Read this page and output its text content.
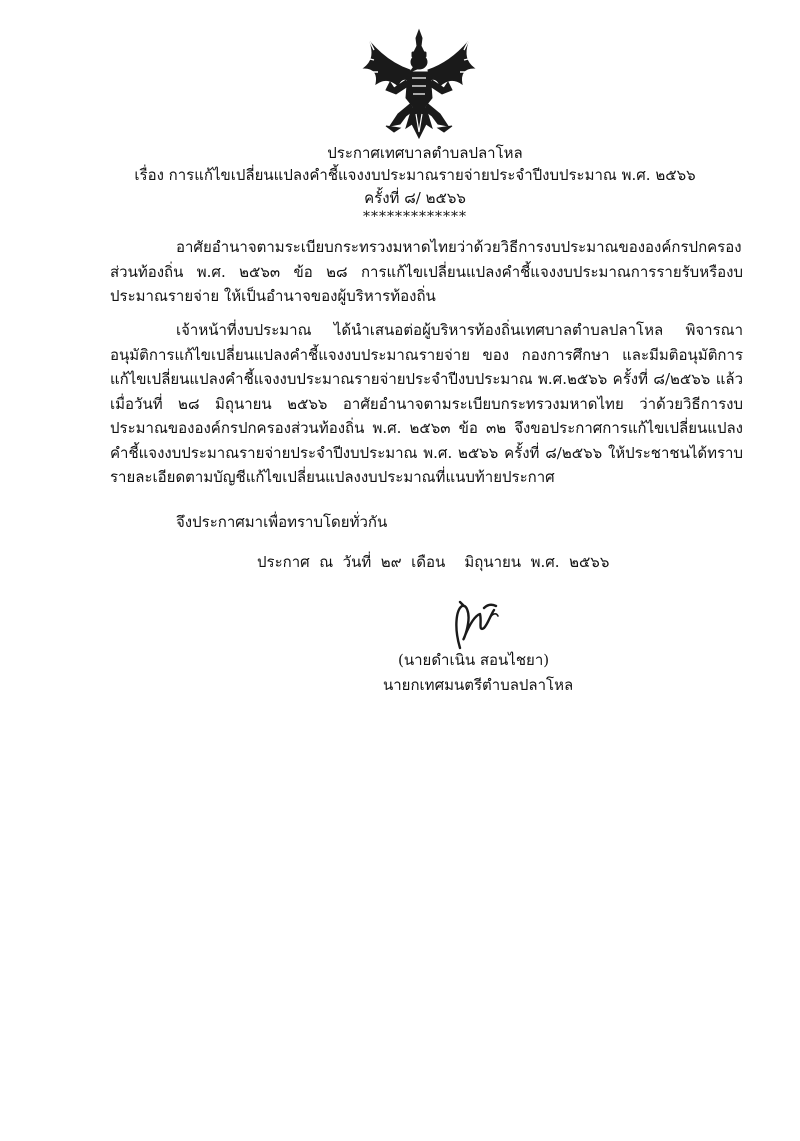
ประกาศเทศบาลตำบลปลาโหล
เรื่อง การแก้ไขเปลี่ยนแปลงคำชี้แจงงบประมาณรายจ่ายประจำปีงบประมาณ พ.ศ. ๒๕๖๖
ครั้งที่ ๘/ ๒๕๖๖
*************

อาศัยอำนาจตามระเบียบกระทรวงมหาดไทยว่าด้วยวิธีการงบประมาณขององค์กรปกครองส่วนท้องถิ่น พ.ศ. ๒๕๖๓ ข้อ ๒๘ การแก้ไขเปลี่ยนแปลงคำชี้แจงงบประมาณการรายรับหรืองบประมาณรายจ่าย ให้เป็นอำนาจของผู้บริหารท้องถิ่น

เจ้าหน้าที่งบประมาณ ได้นำเสนอต่อผู้บริหารท้องถิ่นเทศบาลตำบลปลาโหล พิจารณาอนุมัติการแก้ไขเปลี่ยนแปลงคำชี้แจงงบประมาณรายจ่าย ของ กองการศึกษา และมีมติอนุมัติการแก้ไขเปลี่ยนแปลงคำชี้แจงงบประมาณรายจ่ายประจำปีงบประมาณ พ.ศ.๒๕๖๖ ครั้งที่ ๘/๒๕๖๖ แล้ว เมื่อวันที่ ๒๘ มิถุนายน ๒๕๖๖ อาศัยอำนาจตามระเบียบกระทรวงมหาดไทย ว่าด้วยวิธีการงบประมาณขององค์กรปกครองส่วนท้องถิ่น พ.ศ. ๒๕๖๓ ข้อ ๓๒ จึงขอประกาศการแก้ไขเปลี่ยนแปลงคำชี้แจงงบประมาณรายจ่ายประจำปีงบประมาณ พ.ศ. ๒๕๖๖ ครั้งที่ ๘/๒๕๖๖ ให้ประชาชนได้ทราบ รายละเอียดตามบัญชีแก้ไขเปลี่ยนแปลงงบประมาณที่แนบท้ายประกาศ

จึงประกาศมาเพื่อทราบโดยทั่วกัน
ประกาศ  ณ  วันที่  ๒๙  เดือน    มิถุนายน  พ.ศ.  ๒๕๖๖
(นายดำเนิน สอนไชยา)
นายกเทศมนตรีตำบลปลาโหล
